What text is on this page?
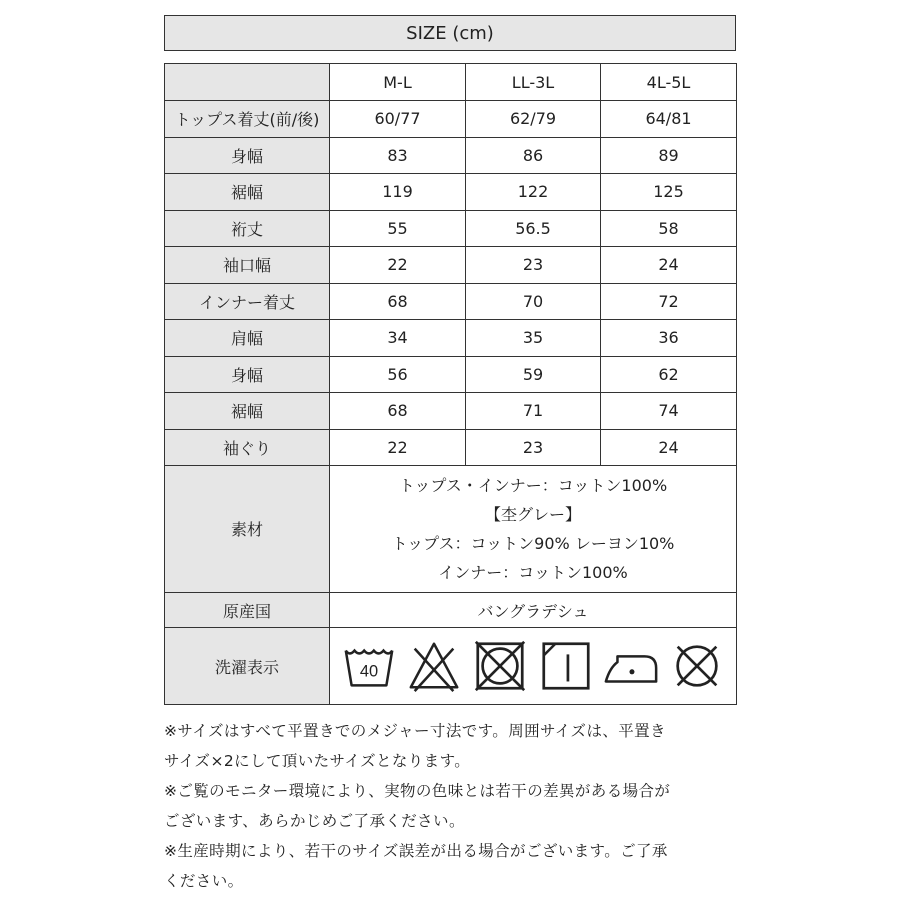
SIZE (cm)
	M-L	LL-3L	4L-5L
トップス着丈(前/後)	60/77	62/79	64/81
身幅	83	86	89
裾幅	119	122	125
裄丈	55	56.5	58
袖口幅	22	23	24
インナー着丈	68	70	72
肩幅	34	35	36
身幅	56	59	62
裾幅	68	71	74
袖ぐり	22	23	24
素材	トップス・インナー：コットン100%
【杢グレー】
トップス：コットン90% レーヨン10%
インナー：コットン100%		

原産国	バングラデシュ		
洗濯表示	40		

※サイズはすべて平置きでのメジャー寸法です。周囲サイズは、平置き

サイズ×2にして頂いたサイズとなります。

※ご覧のモニター環境により、実物の色味とは若干の差異がある場合が

ございます、あらかじめご了承ください。

※生産時期により、若干のサイズ誤差が出る場合がございます。ご了承

ください。
